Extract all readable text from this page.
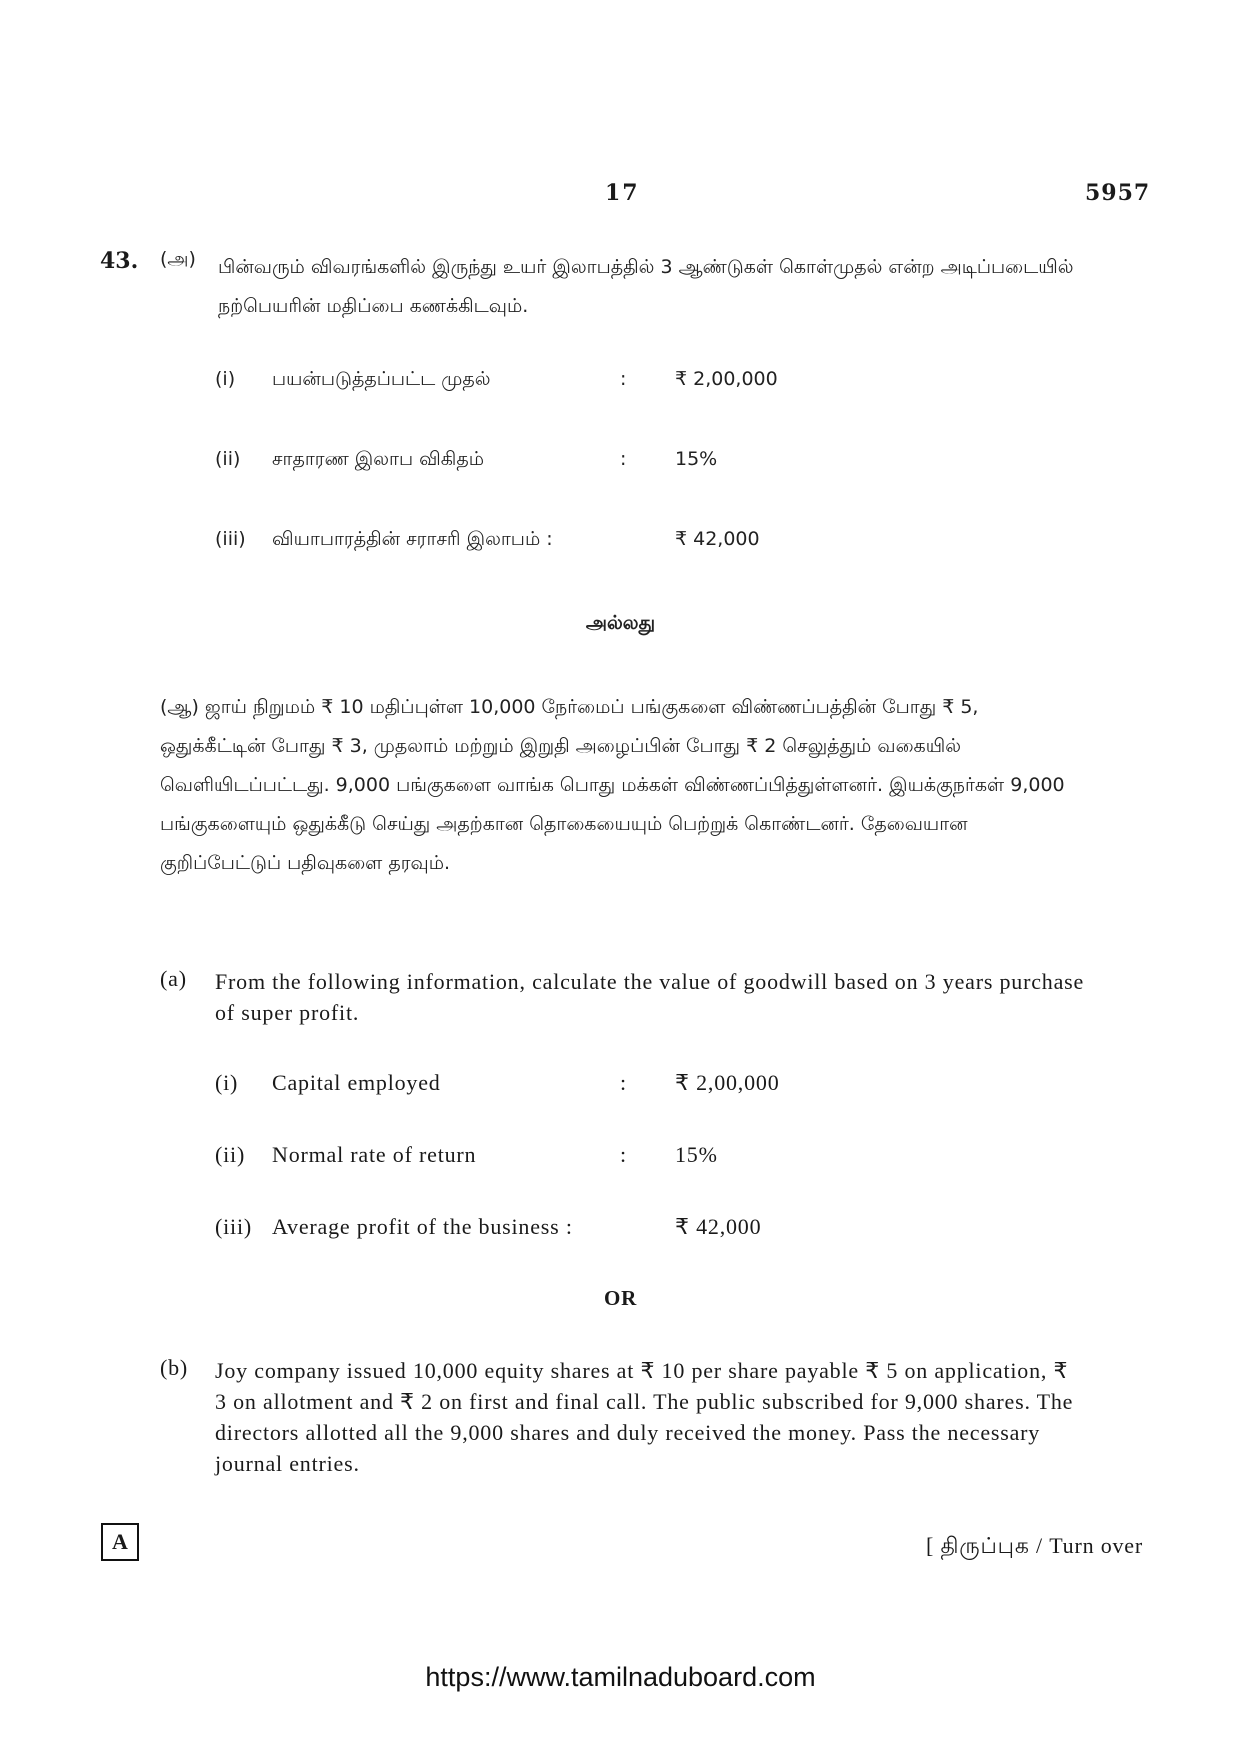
17	5957
43. (அ) பின்வரும் விவரங்களில் இருந்து உயர் இலாபத்தில் 3 ஆண்டுகள் கொள்முதல் என்ற அடிப்படையில் நற்பெயரின் மதிப்பை கணக்கிடவும்.
(i) பயன்படுத்தப்பட்ட முதல்	:	₹ 2,00,000
(ii) சாதாரண இலாப விகிதம்	:	15%
(iii) வியாபாரத்தின் சராசரி இலாபம் :	₹ 42,000
அல்லது
(ஆ) ஜாய் நிறுமம் ₹ 10 மதிப்புள்ள 10,000 நேர்மைப் பங்குகளை விண்ணப்பத்தின் போது ₹ 5, ஒதுக்கீட்டின் போது ₹ 3, முதலாம் மற்றும் இறுதி அழைப்பின் போது ₹ 2 செலுத்தும் வகையில் வெளியிடப்பட்டது. 9,000 பங்குகளை வாங்க பொது மக்கள் விண்ணப்பித்துள்ளனர். இயக்குநர்கள் 9,000 பங்குகளையும் ஒதுக்கீடு செய்து அதற்கான தொகையையும் பெற்றுக் கொண்டனர். தேவையான குறிப்பேட்டுப் பதிவுகளை தரவும்.
(a) From the following information, calculate the value of goodwill based on 3 years purchase of super profit.
(i) Capital employed	: ₹ 2,00,000
(ii) Normal rate of return	: 15%
(iii) Average profit of the business :	₹ 42,000
OR
(b) Joy company issued 10,000 equity shares at ₹ 10 per share payable ₹ 5 on application, ₹ 3 on allotment and ₹ 2 on first and final call. The public subscribed for 9,000 shares. The directors allotted all the 9,000 shares and duly received the money. Pass the necessary journal entries.
A	[ திருப்புக / Turn over
https://www.tamilnaduboard.com
